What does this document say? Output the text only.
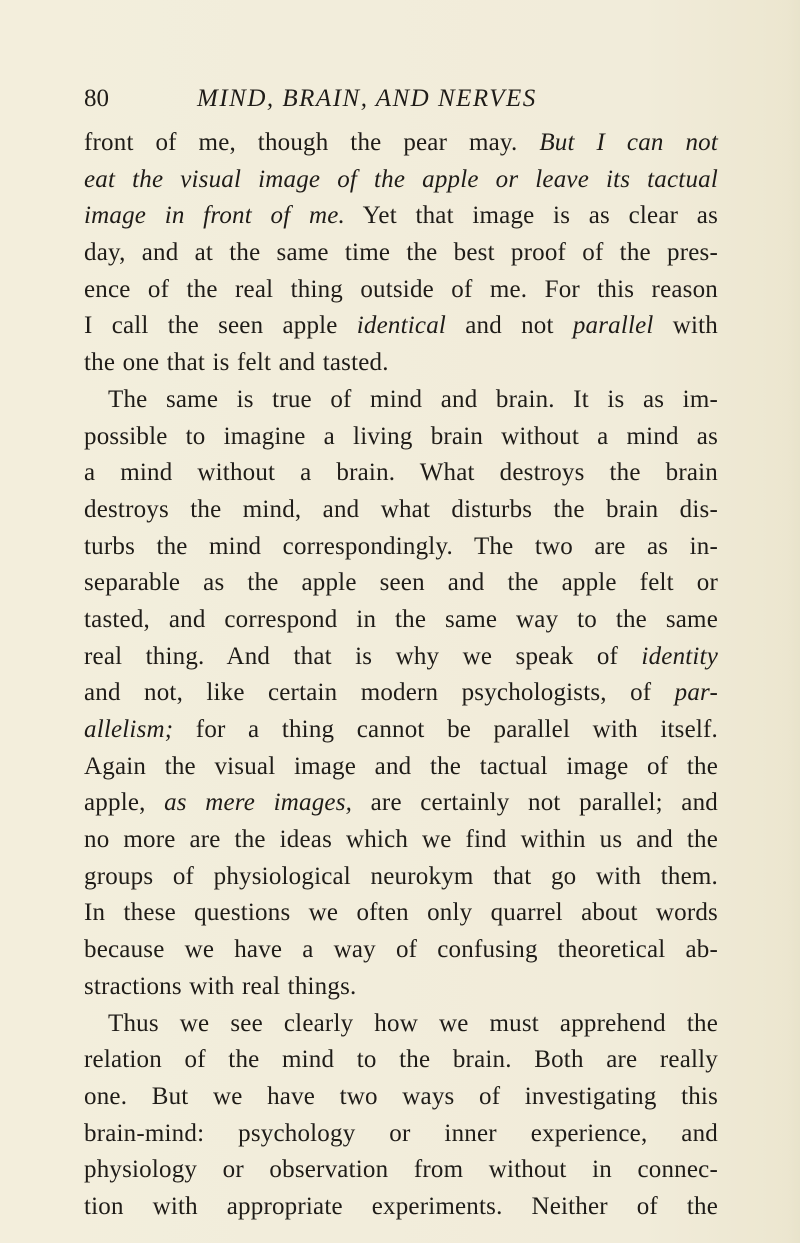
80	MIND, BRAIN, AND NERVES
front of me, though the pear may. But I can not
eat the visual image of the apple or leave its tactual
image in front of me. Yet that image is as clear as
day, and at the same time the best proof of the pres-
ence of the real thing outside of me. For this reason
I call the seen apple identical and not parallel with
the one that is felt and tasted.
The same is true of mind and brain. It is as im-
possible to imagine a living brain without a mind as
a mind without a brain. What destroys the brain
destroys the mind, and what disturbs the brain dis-
turbs the mind correspondingly. The two are as in-
separable as the apple seen and the apple felt or
tasted, and correspond in the same way to the same
real thing. And that is why we speak of identity
and not, like certain modern psychologists, of par-
allelism; for a thing cannot be parallel with itself.
Again the visual image and the tactual image of the
apple, as mere images, are certainly not parallel; and
no more are the ideas which we find within us and the
groups of physiological neurokym that go with them.
In these questions we often only quarrel about words
because we have a way of confusing theoretical ab-
stractions with real things.
Thus we see clearly how we must apprehend the
relation of the mind to the brain. Both are really
one. But we have two ways of investigating this
brain-mind: psychology or inner experience, and
physiology or observation from without in connec-
tion with appropriate experiments. Neither of the
